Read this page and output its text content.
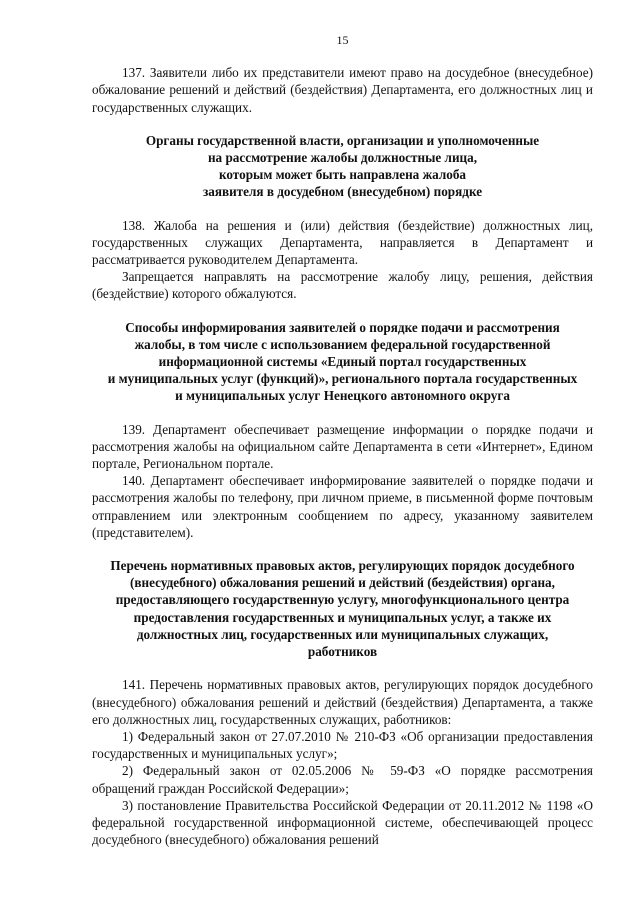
15

137. Заявители либо их представители имеют право на досудебное (внесудебное) обжалование решений и действий (бездействия) Департамента, его должностных лиц и государственных служащих.

Органы государственной власти, организации и уполномоченные

на рассмотрение жалобы должностные лица,

которым может быть направлена жалоба

заявителя в досудебном (внесудебном) порядке

138. Жалоба на решения и (или) действия (бездействие) должностных лиц, государственных служащих Департамента, направляется в Департамент и рассматривается руководителем Департамента.

Запрещается направлять на рассмотрение жалобу лицу, решения, действия (бездействие) которого обжалуются.

Способы информирования заявителей о порядке подачи и рассмотрения

жалобы, в том числе с использованием федеральной государственной

информационной системы «Единый портал государственных

и муниципальных услуг (функций)», регионального портала государственных

и муниципальных услуг Ненецкого автономного округа

139. Департамент обеспечивает размещение информации о порядке подачи и рассмотрения жалобы на официальном сайте Департамента в сети «Интернет», Едином портале, Региональном портале.

140. Департамент обеспечивает информирование заявителей о порядке подачи и рассмотрения жалобы по телефону, при личном приеме, в письменной форме почтовым отправлением или электронным сообщением по адресу, указанному заявителем (представителем).

Перечень нормативных правовых актов, регулирующих порядок досудебного

(внесудебного) обжалования решений и действий (бездействия) органа,

предоставляющего государственную услугу, многофункционального центра

предоставления государственных и муниципальных услуг, а также их

должностных лиц, государственных или муниципальных служащих,

работников

141. Перечень нормативных правовых актов, регулирующих порядок досудебного (внесудебного) обжалования решений и действий (бездействия) Департамента, а также его должностных лиц, государственных служащих, работников:

1) Федеральный закон от 27.07.2010 № 210-ФЗ «Об организации предоставления государственных и муниципальных услуг»;

2) Федеральный закон от 02.05.2006 № 59-ФЗ «О порядке рассмотрения обращений граждан Российской Федерации»;

3) постановление Правительства Российской Федерации от 20.11.2012 № 1198 «О федеральной государственной информационной системе, обеспечивающей процесс досудебного (внесудебного) обжалования решений
